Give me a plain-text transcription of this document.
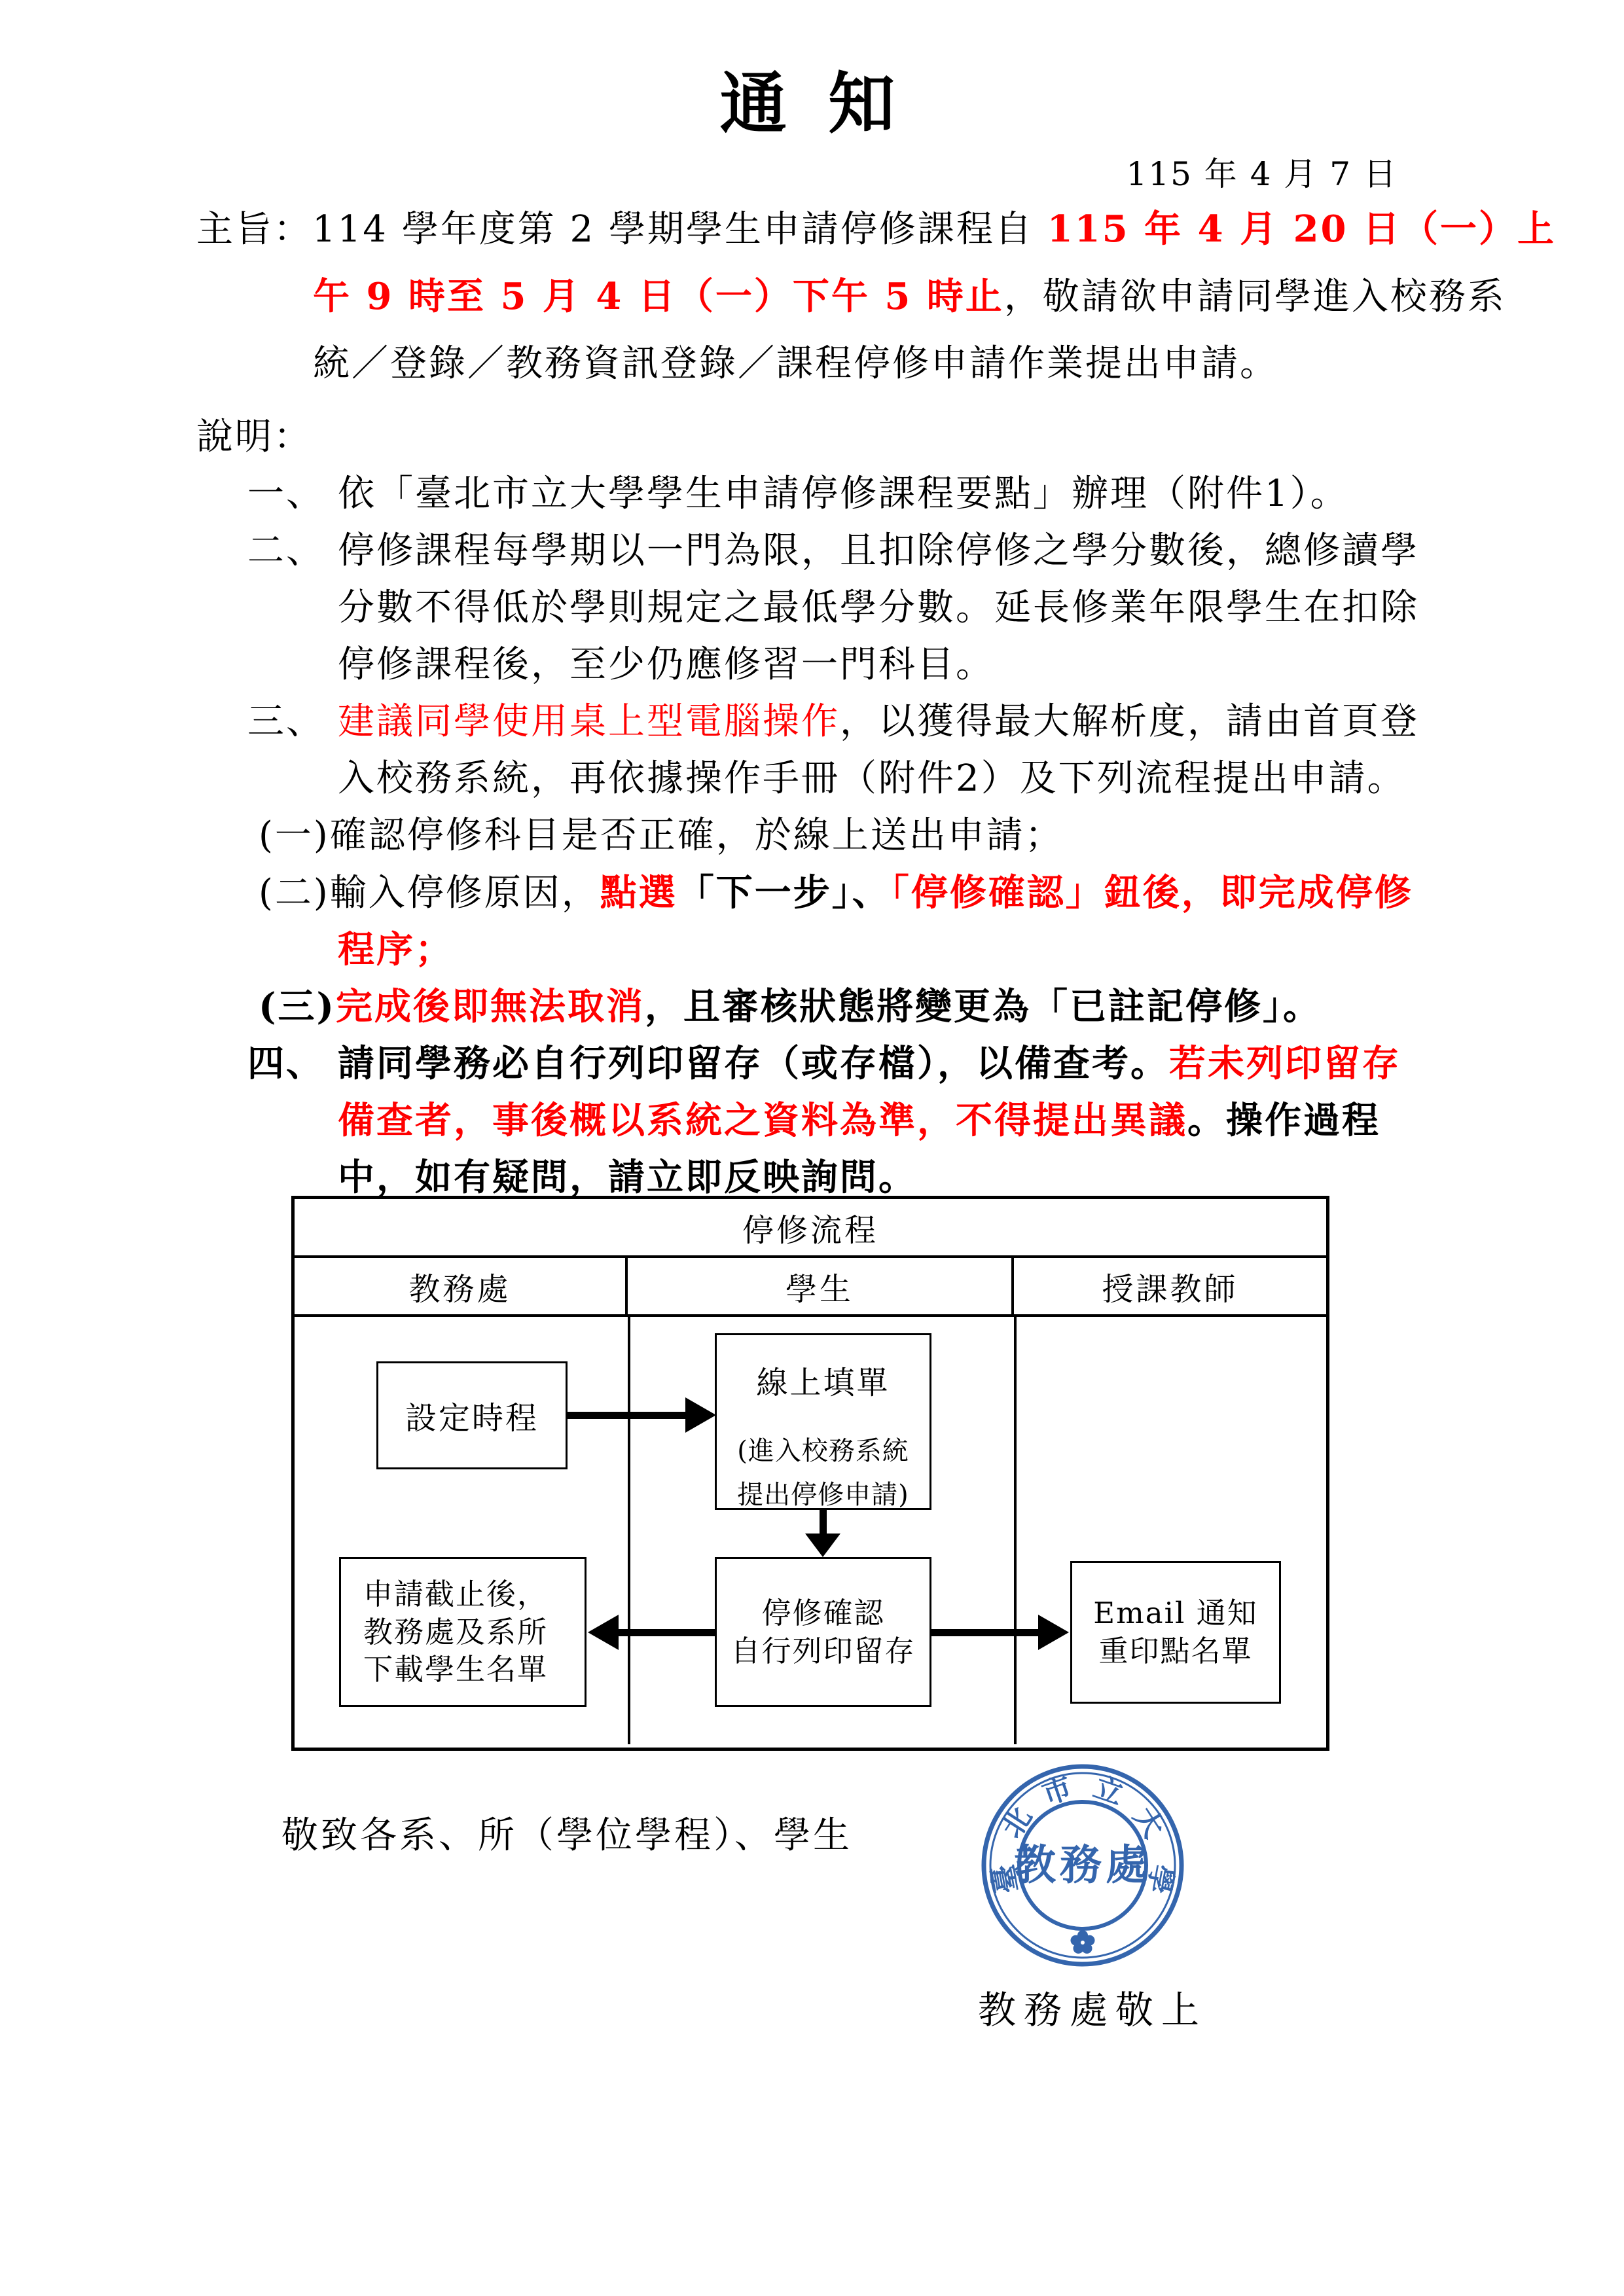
通 知
115 年 4 月 7 日
主旨：114 學年度第 2 學期學生申請停修課程自 115 年 4 月 20 日（一）上
午 9 時至 5 月 4 日（一）下午 5 時止，敬請欲申請同學進入校務系
統／登錄／教務資訊登錄／課程停修申請作業提出申請。
說明：
一、 依「臺北市立大學學生申請停修課程要點」辦理（附件1）。
二、 停修課程每學期以一門為限，且扣除停修之學分數後，總修讀學
分數不得低於學則規定之最低學分數。延長修業年限學生在扣除
停修課程後，至少仍應修習一門科目。
三、 建議同學使用桌上型電腦操作，以獲得最大解析度，請由首頁登
入校務系統，再依據操作手冊（附件2）及下列流程提出申請。
(一)確認停修科目是否正確，於線上送出申請；
(二)輸入停修原因，點選「下一步」、「停修確認」鈕後，即完成停修
程序；
(三)完成後即無法取消，且審核狀態將變更為「已註記停修」。
四、 請同學務必自行列印留存（或存檔），以備查考。若未列印留存
備查者，事後概以系統之資料為準，不得提出異議。操作過程
中，如有疑問，請立即反映詢問。
停修流程
教務處	學生	授課教師
設定時程
線上填單
(進入校務系統
提出停修申請)
申請截止後，
教務處及系所
下載學生名單
停修確認
自行列印留存
Email 通知
重印點名單
敬致各系、所（學位學程）、學生
臺
北
市 立
大
學
教務處
教務處敬上
